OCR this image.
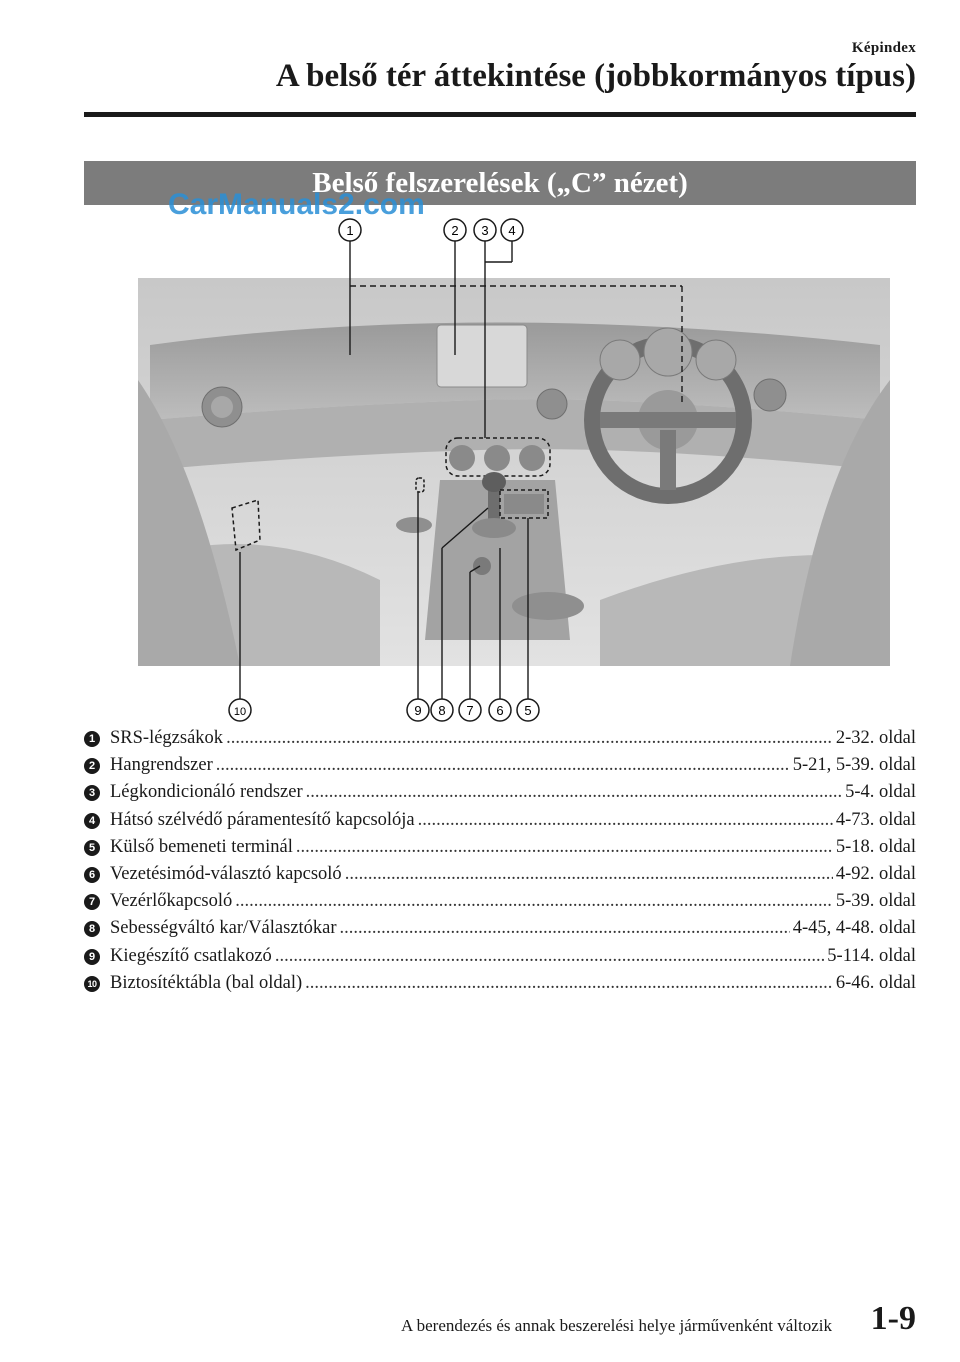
Képindex
A belső tér áttekintése (jobbkormányos típus)
Belső felszerelések („C” nézet)
1	2 3 4
5
6
7
8
9
10
CarManuals2.com
1 SRS-légzsákok .....	2-32. oldal
2 Hangrendszer .....	5-21, 5-39. oldal
3 Légkondicionáló rendszer .....	5-4. oldal
4 Hátsó szélvédő páramentesítő kapcsolója .....	4-73. oldal
5 Külső bemeneti terminál .....	5-18. oldal
6 Vezetésimód-választó kapcsoló .....	4-92. oldal
7 Vezérlőkapcsoló .....	5-39. oldal
8 Sebességváltó kar/Választókar .....	4-45, 4-48. oldal
9 Kiegészítő csatlakozó .....	5-114. oldal
10 Biztosítéktábla (bal oldal) .....	6-46. oldal
A berendezés és annak beszerelési helye járművenként változik 1-9
